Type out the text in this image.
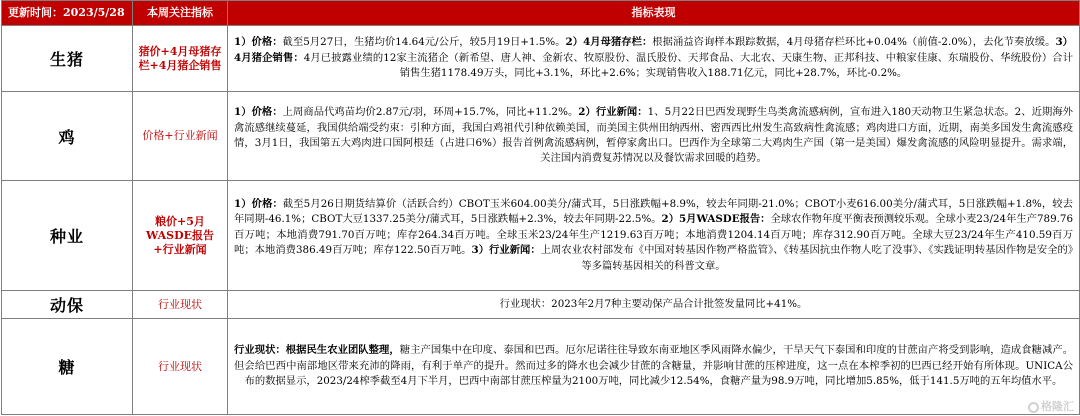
更新时间：2023/5/28	本周关注指标	指标表现
生猪	猪价+4月母猪存栏+4月猪企销售	1）价格：截至5月27日，生猪均价14.64元/公斤，较5月19日+1.5%。2）4月母猪存栏：根据涌益咨询样本跟踪数据，4月母猪存栏环比+0.04%（前值-2.0%），去化节奏放缓。3）4月猪企销售：4月已披露业绩的12家主流猪企（新希望、唐人神、金新农、牧原股份、温氏股份、天邦食品、大北农、天康生物、正邦科技、中粮家佳康、东瑞股份、华统股份）合计销售生猪1178.49万头，同比+3.1%，环比+2.6%；实现销售收入188.71亿元，同比+28.7%，环比-0.2%。
鸡	价格+行业新闻	1）价格：上周商品代鸡苗均价2.87元/羽，环周+15.7%，同比+11.2%。2）行业新闻：1、5月22日巴西发现野生鸟类禽流感病例，宣布进入180天动物卫生紧急状态。2、近期海外禽流感继续蔓延，我国供给端受约束：引种方面，我国白鸡祖代引种依赖美国，而美国主供州田纳西州、密西西比州发生高致病性禽流感；鸡肉进口方面，近期，南美多国发生禽流感疫情，3月1日，我国第五大鸡肉进口国阿根廷（占进口6%）报告首例禽流感病例，暂停家禽出口。巴西作为全球第二大鸡肉生产国（第一是美国）爆发禽流感的风险明显提升。需求端，关注国内消费复苏情况以及餐饮需求回暖的趋势。
种业	粮价+5月WASDE报告+行业新闻	1）价格：截至5月26日期货结算价（活跃合约）CBOT玉米604.00美分/蒲式耳，5日涨跌幅+8.9%，较去年同期-21.0%；CBOT小麦616.00美分/蒲式耳，5日涨跌幅+1.8%，较去年同期-46.1%；CBOT大豆1337.25美分/蒲式耳，5日涨跌幅+2.3%，较去年同期-22.5%。2）5月WASDE报告：全球农作物年度平衡表预测较乐观。全球小麦23/24年生产789.76百万吨；本地消费791.70百万吨；库存264.34百万吨。全球玉米23/24年生产1219.63百万吨；本地消费1204.14百万吨；库存312.90百万吨。全球大豆23/24年生产410.59百万吨；本地消费386.49百万吨；库存122.50百万吨。3）行业新闻：上周农业农村部发布《中国对转基因作物严格监管》、《转基因抗虫作物人吃了没事》、《实践证明转基因作物是安全的》等多篇转基因相关的科普文章。
动保	行业现状	行业现状：2023年2月7种主要动保产品合计批签发量同比+41%。
糖	行业现状	行业现状：根据民生农业团队整理，糖主产国集中在印度、泰国和巴西。厄尔尼诺往往导致东南亚地区季风雨降水偏少，干旱天气下泰国和印度的甘蔗亩产将受到影响，造成食糖减产。但会给巴西中南部地区带来充沛的降雨，有利于单产的提升。然而过多的降水也会减少甘蔗的含糖量，并影响甘蔗的压榨进度，这一点在本榨季初的巴西已经开始有所体现。UNICA公布的数据显示，2023/24榨季截至4月下半月，巴西中南部甘蔗压榨量为2100万吨，同比减少12.54%，食糖产量为98.9万吨，同比增加5.85%，低于141.5万吨的五年均值水平。
格隆汇
